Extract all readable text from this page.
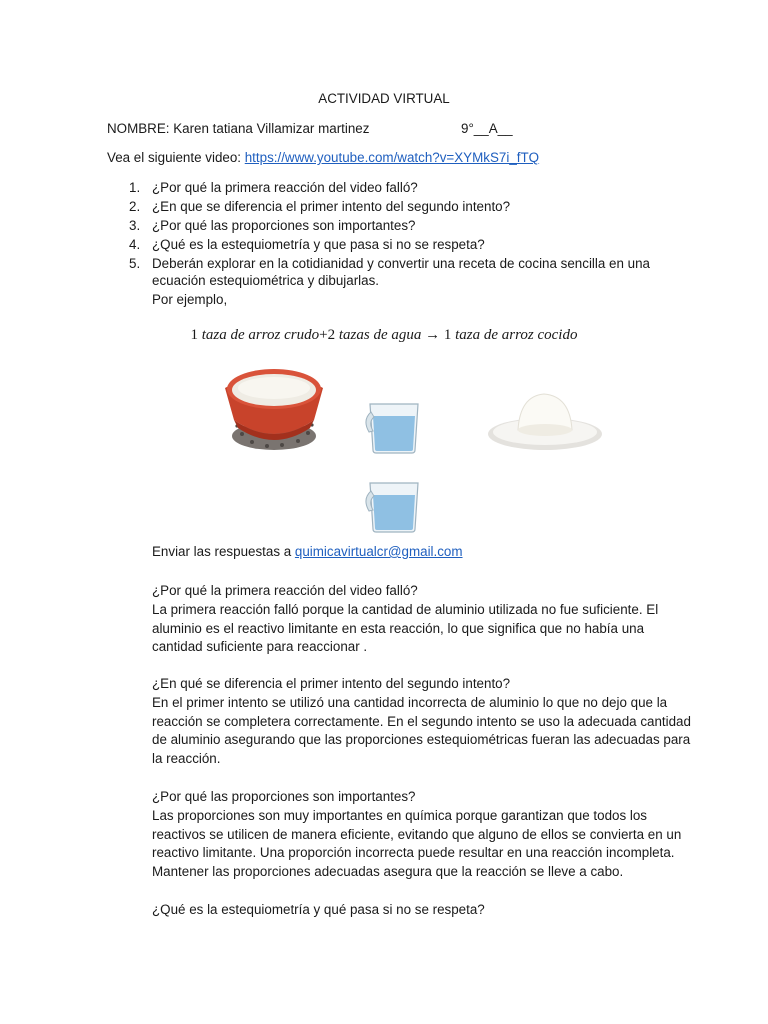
ACTIVIDAD VIRTUAL
NOMBRE: Karen tatiana Villamizar martinez	9°__A__
Vea el siguiente video: https://www.youtube.com/watch?v=XYMkS7i_fTQ
1. ¿Por qué la primera reacción del video falló?
2. ¿En que se diferencia el primer intento del segundo intento?
3. ¿Por qué las proporciones son importantes?
4. ¿Qué es la estequiometría y que pasa si no se respeta?
5. Deberán explorar en la cotidianidad y convertir una receta de cocina sencilla en una
ecuación estequiométrica y dibujarlas.
Por ejemplo,
1 taza de arroz crudo+2 tazas de agua → 1 taza de arroz cocido
Enviar las respuestas a quimicavirtualcr@gmail.com
¿Por qué la primera reacción del video falló?
La primera reacción falló porque la cantidad de aluminio utilizada no fue suficiente. El
aluminio es el reactivo limitante en esta reacción, lo que significa que no había una
cantidad suficiente para reaccionar .
¿En qué se diferencia el primer intento del segundo intento?
En el primer intento se utilizó una cantidad incorrecta de aluminio lo que no dejo que la
reacción se completera correctamente. En el segundo intento se uso la adecuada cantidad
de aluminio asegurando que las proporciones estequiométricas fueran las adecuadas para
la reacción.
¿Por qué las proporciones son importantes?
Las proporciones son muy importantes en química porque garantizan que todos los
reactivos se utilicen de manera eficiente, evitando que alguno de ellos se convierta en un
reactivo limitante. Una proporción incorrecta puede resultar en una reacción incompleta.
Mantener las proporciones adecuadas asegura que la reacción se lleve a cabo.
¿Qué es la estequiometría y qué pasa si no se respeta?
